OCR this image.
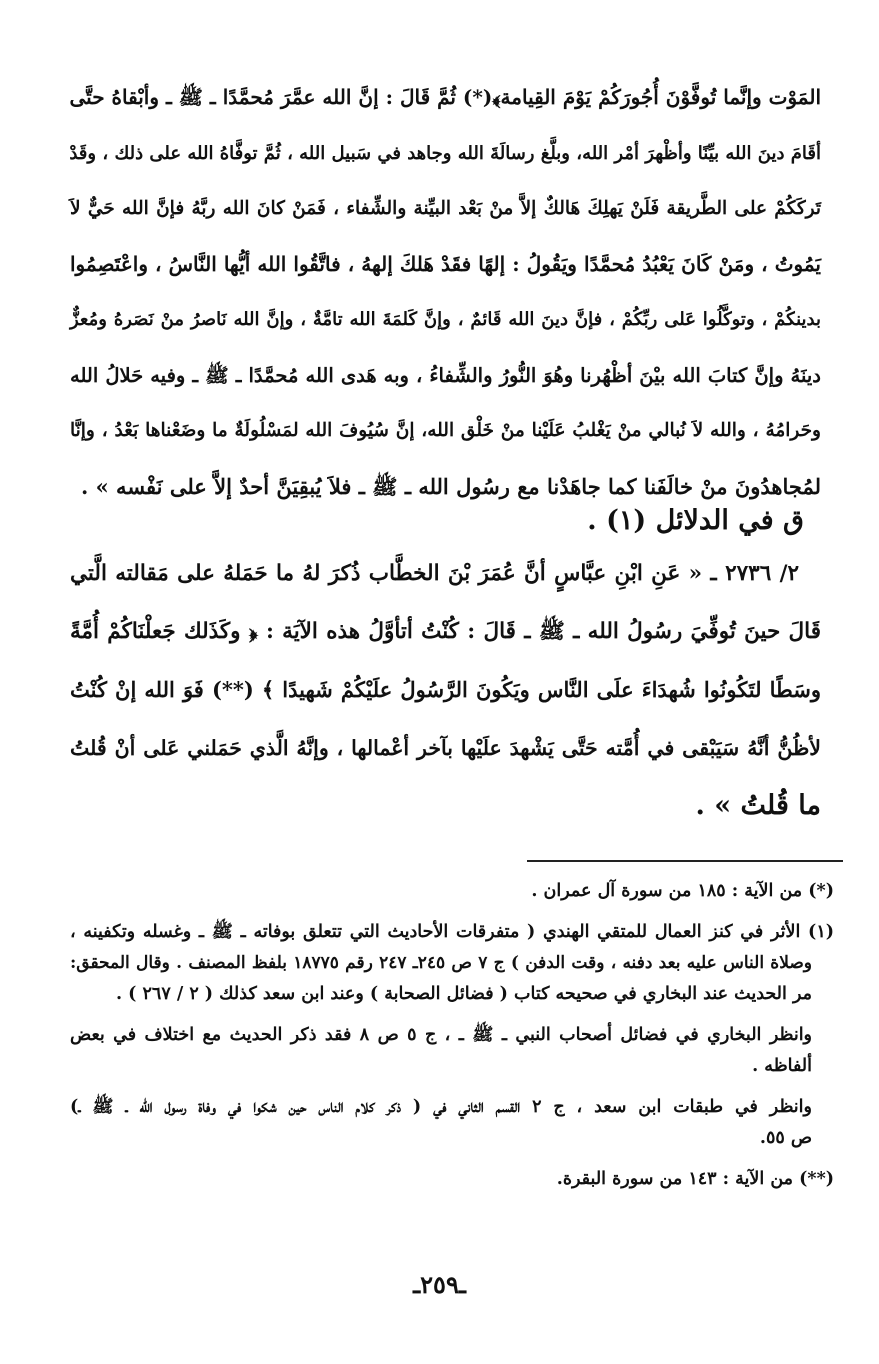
المَوْت وإنَّما تُوفَّوْنَ أُجُورَكُمْ يَوْمَ القِيامة﴾(*) ثُمَّ قَالَ : إنَّ الله عمَّرَ مُحمَّدًا ـ ﷺ ـ وأبْقاهُ حتَّى
أقَامَ دينَ الله بيِّنًا وأظْهرَ أمْر الله، وبلَّغ رسالَةَ الله وجاهد في سَبيل الله ، ثُمَّ توفَّاهُ الله على ذلك ، وقَدْ
تَركَكُمْ على الطَّريقة فَلَنْ يَهلِكَ هَالكٌ إلاَّ منْ بَعْد البيِّنة والشِّفاء ، فَمَنْ كانَ الله ربَّهُ فإنَّ الله حَيٌّ لاَ
يَمُوتُ ، ومَنْ كَانَ يَعْبُدُ مُحمَّدًا ويَقُولُ : إلهًا فقَدْ هَلكَ إلههُ ، فاتَّقُوا الله أيُّها النَّاسُ ، واعْتَصِمُوا
بدينكُمْ ، وتوكَّلُوا عَلى ربِّكُمْ ، فإنَّ دينَ الله قَائمٌ ، وإنَّ كَلمَةَ الله تامَّةٌ ، وإنَّ الله نَاصرُ منْ نَصَرهُ ومُعزٌّ
دينَهُ وإنَّ كتابَ الله بيْنَ أظْهُرنا وهُوَ النُّورُ والشِّفاءُ ، وبه هَدى الله مُحمَّدًا ـ ﷺ ـ وفيه حَلالُ الله
وحَرامُهُ ، والله لاَ نُبالي منْ يَغْلبُ عَلَيْنا منْ خَلْق الله، إنَّ سُيُوفَ الله لمَسْلُولَةٌ ما وضَعْناها بَعْدُ ، وإنَّا
لمُجاهدُونَ منْ خالَفَنا كما جاهَدْنا مع رسُول الله ـ ﷺ ـ فلاَ يُبقِيَنَّ أحدٌ إلاَّ على نَفْسه » .
ق في الدلائل (١) .
٢/ ٢٧٣٦ ـ « عَنِ ابْنِ عبَّاسٍ أنَّ عُمَرَ بْنَ الخطَّاب ذُكرَ لهُ ما حَمَلهُ على مَقالته الَّتي
قَالَ حينَ تُوفِّيَ رسُولُ الله ـ ﷺ ـ قَالَ : كُنْتُ أتأوَّلُ هذه الآيَة : ﴿ وكَذَلك جَعلْنَاكُمْ أُمَّةً
وسَطًا لتَكُونُوا شُهدَاءَ علَى النَّاس ويَكُونَ الرَّسُولُ علَيْكُمْ شَهيدًا ﴾ (**) فَوَ الله إنْ كُنْتُ
لأظُنُّ أنَّهُ سَيَبْقى في أُمَّته حَتَّى يَشْهدَ علَيْها بآخر أعْمالها ، وإنَّهُ الَّذي حَمَلني عَلى أنْ قُلتُ
ما قُلتُ » .
(*) من الآية : ١٨٥ من سورة آل عمران .
(١) الأثر في كنز العمال للمتقي الهندي ( متفرقات الأحاديث التي تتعلق بوفاته ـ ﷺ ـ وغسله وتكفينه ،
وصلاة الناس عليه بعد دفنه ، وقت الدفن ) ج ٧ ص ٢٤٥ـ ٢٤٧ رقم ١٨٧٧٥ بلفظ المصنف . وقال المحقق:
مر الحديث عند البخاري في صحيحه كتاب ( فضائل الصحابة ) وعند ابن سعد كذلك ( ٢ / ٢٦٧ ) .
وانظر البخاري في فضائل أصحاب النبي ـ ﷺ ـ ، ج ٥ ص ٨ فقد ذكر الحديث مع اختلاف في بعض
ألفاظه .
وانظر في طبقات ابن سعد ، ج ٢ القسم الثاني في ( ذكر كلام الناس حين شكوا في وفاة رسول الله ـ ﷺ ـ)
ص ٥٥.
(**) من الآية : ١٤٣ من سورة البقرة.
ـ٢٥٩ـ
